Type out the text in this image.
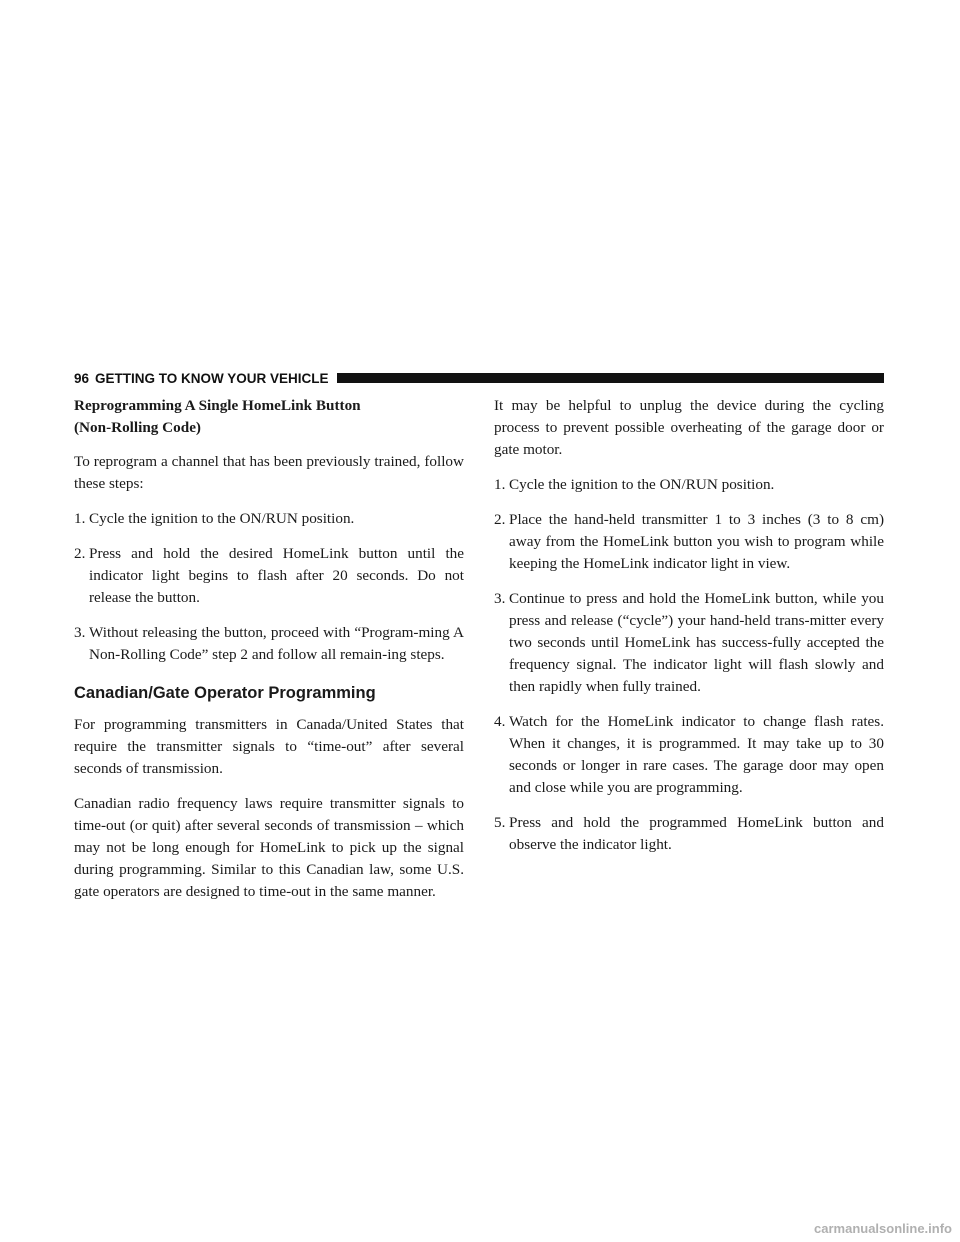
96 GETTING TO KNOW YOUR VEHICLE
Reprogramming A Single HomeLink Button
(Non-Rolling Code)

To reprogram a channel that has been previously trained, follow these steps:

1. Cycle the ignition to the ON/RUN position.
2. Press and hold the desired HomeLink button until the indicator light begins to flash after 20 seconds. Do not release the button.
3. Without releasing the button, proceed with “Program-ming A Non-Rolling Code” step 2 and follow all remain-ing steps.
Canadian/Gate Operator Programming

For programming transmitters in Canada/United States that require the transmitter signals to “time-out” after several seconds of transmission.

Canadian radio frequency laws require transmitter signals to time-out (or quit) after several seconds of transmission – which may not be long enough for HomeLink to pick up the signal during programming. Similar to this Canadian law, some U.S. gate operators are designed to time-out in the same manner.

It may be helpful to unplug the device during the cycling process to prevent possible overheating of the garage door or gate motor.

1. Cycle the ignition to the ON/RUN position.
2. Place the hand-held transmitter 1 to 3 inches (3 to 8 cm) away from the HomeLink button you wish to program while keeping the HomeLink indicator light in view.
3. Continue to press and hold the HomeLink button, while you press and release (“cycle”) your hand-held trans-mitter every two seconds until HomeLink has success-fully accepted the frequency signal. The indicator light will flash slowly and then rapidly when fully trained.
4. Watch for the HomeLink indicator to change flash rates. When it changes, it is programmed. It may take up to 30 seconds or longer in rare cases. The garage door may open and close while you are programming.
5. Press and hold the programmed HomeLink button and observe the indicator light.
carmanualsonline.info
